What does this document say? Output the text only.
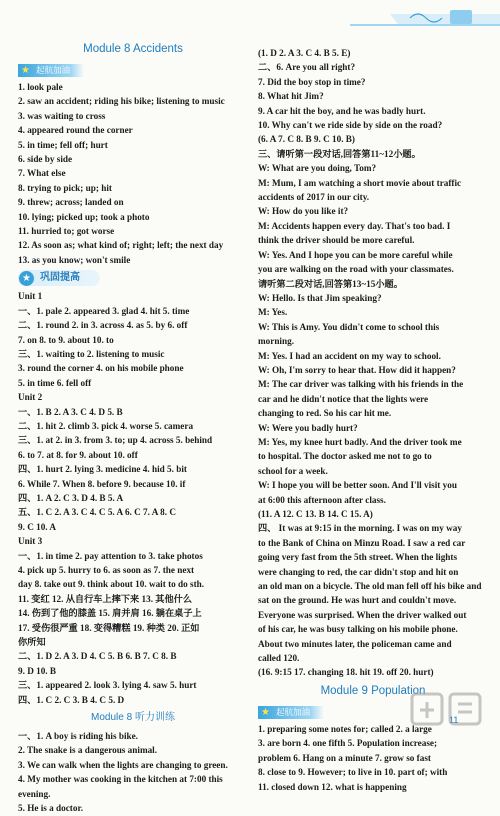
Module 8 Accidents
★ 起航加油
1. look pale
2. saw an accident; riding his bike; listening to music
3. was waiting to cross
4. appeared round the corner
5. in time; fell off; hurt
6. side by side
7. What else
8. trying to pick; up; hit
9. threw; across; landed on
10. lying; picked up; took a photo
11. hurried to; got worse
12. As soon as; what kind of; right; left; the next day
13. as you know; won't smile
★ 巩固提高
Unit 1
一、1. pale 2. appeared 3. glad 4. hit 5. time
二、1. round 2. in 3. across 4. as 5. by 6. off
7. on 8. to 9. about 10. to
三、1. waiting to 2. listening to music
3. round the corner 4. on his mobile phone
5. in time 6. fell off
Unit 2
一、1. B 2. A 3. C 4. D 5. B
二、1. hit 2. climb 3. pick 4. worse 5. camera
三、1. at 2. in 3. from 3. to; up 4. across 5. behind
6. to 7. at 8. for 9. about 10. off
四、1. hurt 2. lying 3. medicine 4. hid 5. bit
6. While 7. When 8. before 9. because 10. if
四、1. A 2. C 3. D 4. B 5. A
五、1. C 2. A 3. C 4. C 5. A 6. C 7. A 8. C
9. C 10. A
Unit 3
一、1. in time 2. pay attention to 3. take photos
4. pick up 5. hurry to 6. as soon as 7. the next
day 8. take out 9. think about 10. wait to do sth.
11. 变红 12. 从自行车上摔下来 13. 其他什么
14. 伤到了他的膝盖 15. 肩并肩 16. 躺在桌子上
17. 受伤很严重 18. 变得糟糕 19. 种类 20. 正如
你所知
二、1. D 2. A 3. D 4. C 5. B 6. B 7. C 8. B
9. D 10. B
三、1. appeared 2. look 3. lying 4. saw 5. hurt
四、1. C 2. C 3. B 4. C 5. D
Module 8 听力训练
一、1. A boy is riding his bike.
2. The snake is a dangerous animal.
3. We can walk when the lights are changing to green.
4. My mother was cooking in the kitchen at 7:00 this
evening.
5. He is a doctor.
(1. D 2. A 3. C 4. B 5. E)
二、6. Are you all right?
7. Did the boy stop in time?
8. What hit Jim?
9. A car hit the boy, and he was badly hurt.
10. Why can't we ride side by side on the road?
(6. A 7. C 8. B 9. C 10. B)
三、请听第一段对话,回答第11~12小题。
W: What are you doing, Tom?
M: Mum, I am watching a short movie about traffic
accidents of 2017 in our city.
W: How do you like it?
M: Accidents happen every day. That's too bad. I
think the driver should be more careful.
W: Yes. And I hope you can be more careful while
you are walking on the road with your classmates.
请听第二段对话,回答第13~15小题。
W: Hello. Is that Jim speaking?
M: Yes.
W: This is Amy. You didn't come to school this
morning.
M: Yes. I had an accident on my way to school.
W: Oh, I'm sorry to hear that. How did it happen?
M: The car driver was talking with his friends in the
car and he didn't notice that the lights were
changing to red. So his car hit me.
W: Were you badly hurt?
M: Yes, my knee hurt badly. And the driver took me
to hospital. The doctor asked me not to go to
school for a week.
W: I hope you will be better soon. And I'll visit you
at 6:00 this afternoon after class.
(11. A 12. C 13. B 14. C 15. A)
四、 It was at 9:15 in the morning. I was on my way
to the Bank of China on Minzu Road. I saw a red car
going very fast from the 5th street. When the lights
were changing to red, the car didn't stop and hit on
an old man on a bicycle. The old man fell off his bike and
sat on the ground. He was hurt and couldn't move.
Everyone was surprised. When the driver walked out
of his car, he was busy talking on his mobile phone.
About two minutes later, the policeman came and
called 120.
(16. 9:15 17. changing 18. hit 19. off 20. hurt)
Module 9 Population
★ 起航加油
1. preparing some notes for; called 2. a large
3. are born 4. one fifth 5. Population increase;
problem 6. Hang on a minute 7. grow so fast
8. close to 9. However; to live in 10. part of; with
11. closed down 12. what is happening
11
